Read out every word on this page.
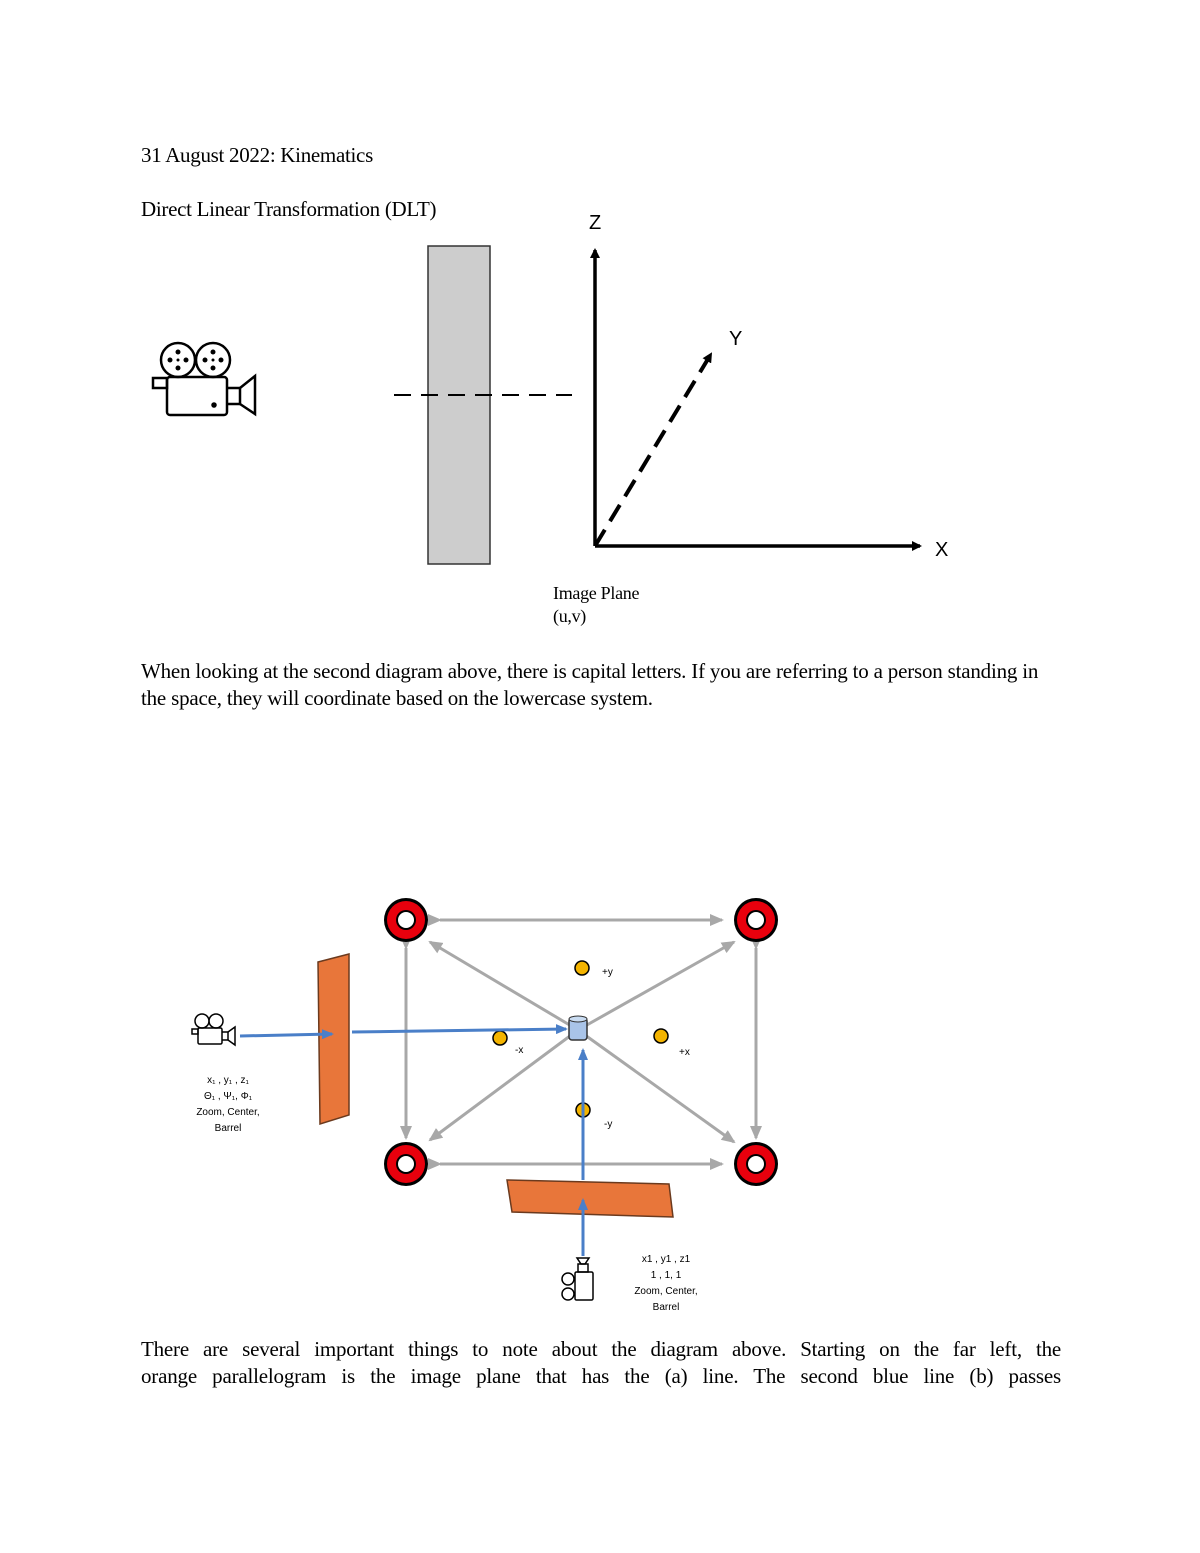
31 August 2022: Kinematics
Direct Linear Transformation (DLT)
Z
Y
X
+y
-x	+x
-y
Image Plane
(u,v)
When looking at the second diagram above, there is capital letters. If you are referring to a person standing in the space, they will coordinate based on the lowercase system.
x₁ , y₁ , z₁
Θ₁ , Ψ₁, Φ₁
Zoom, Center,
Barrel
x1 , y1 , z1
1 , 1, 1
Zoom, Center,
Barrel
There are several important things to note about the diagram above. Starting on the far left, the
orange parallelogram is the image plane that has the (a) line. The second blue line (b) passes
